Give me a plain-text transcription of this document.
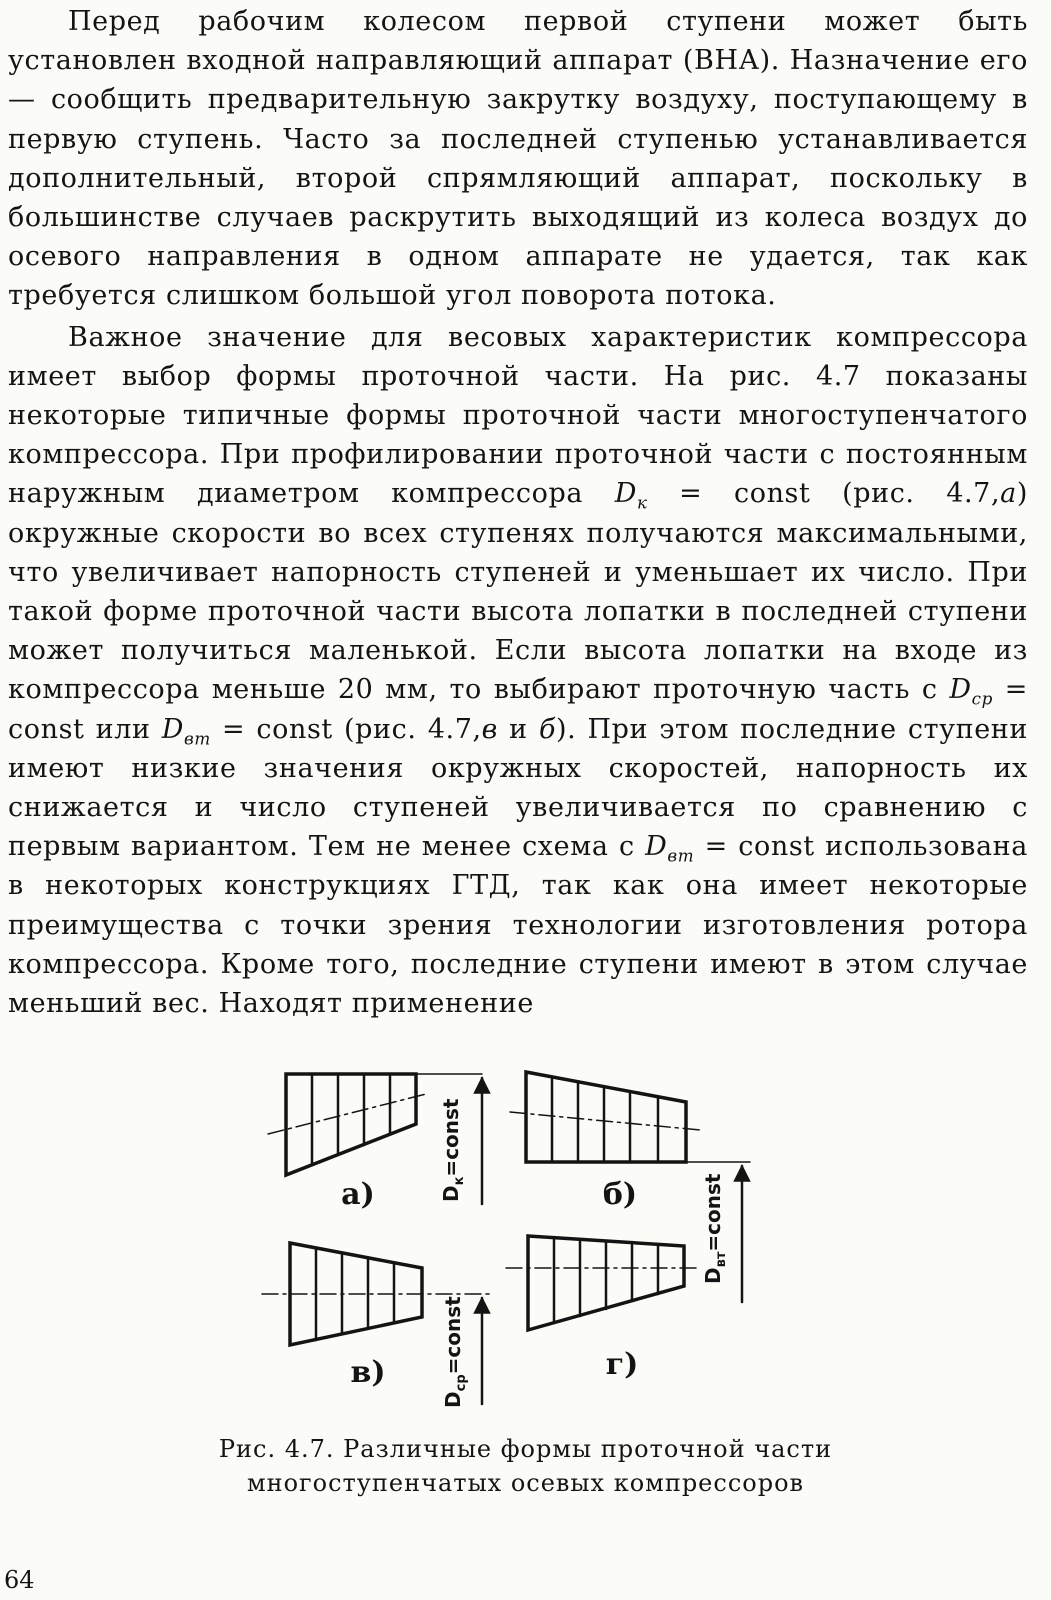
Перед рабочим колесом первой ступени может быть установлен входной направляющий аппарат (ВНА). Назначение его — сообщить предварительную закрутку воздуху, поступающему в первую ступень. Часто за последней ступенью устанавливается дополнительный, второй спрямляющий аппарат, поскольку в большинстве случаев раскрутить выходящий из колеса воздух до осевого направления в одном аппарате не удается, так как требуется слишком большой угол поворота потока.

Важное значение для весовых характеристик компрессора имеет выбор формы проточной части. На рис. 4.7 показаны некоторые типичные формы проточной части многоступенчатого компрессора. При профилировании проточной части с постоянным наружным диаметром компрессора $D_к$ = const (рис. 4.7,а) окружные скорости во всех ступенях получаются максимальными, что увеличивает напорность ступеней и уменьшает их число. При такой форме проточной части высота лопатки в последней ступени может получиться маленькой. Если высота лопатки на входе из компрессора меньше 20 мм, то выбирают проточную часть с $D_{ср}$ = const или $D_{вт}$ = const (рис. 4.7,в и б). При этом последние ступени имеют низкие значения окружных скоростей, напорность их снижается и число ступеней увеличивается по сравнению с первым вариантом. Тем не менее схема с $D_{вт}$ = const использована в некоторых конструкциях ГТД, так как она имеет некоторые преимущества с точки зрения технологии изготовления ротора компрессора. Кроме того, последние ступени имеют в этом случае меньший вес. Находят применение

а)	$D_к=const$
б)
$D_{вт}=const$
в)
$D_{ср}=const$	г)
Рис. 4.7. Различные формы проточной части
многоступенчатых осевых компрессоров
64
